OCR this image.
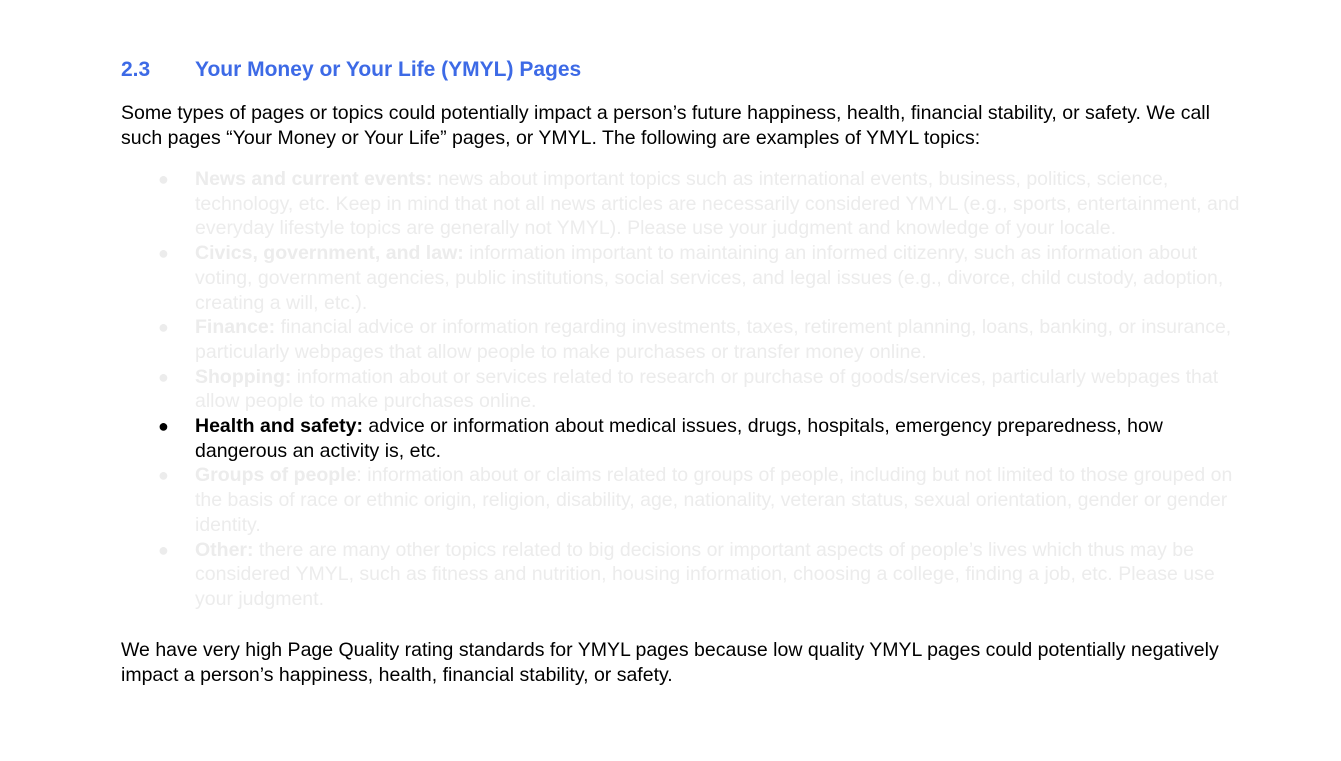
2.3	Your Money or Your Life (YMYL) Pages

Some types of pages or topics could potentially impact a person’s future happiness, health, financial stability, or safety. We call such pages “Your Money or Your Life” pages, or YMYL. The following are examples of YMYL topics:

● News and current events: news about important topics such as international events, business, politics, science, technology, etc. Keep in mind that not all news articles are necessarily considered YMYL (e.g., sports, entertainment, and everyday lifestyle topics are generally not YMYL). Please use your judgment and knowledge of your locale.
● Civics, government, and law: information important to maintaining an informed citizenry, such as information about voting, government agencies, public institutions, social services, and legal issues (e.g., divorce, child custody, adoption, creating a will, etc.).
● Finance: financial advice or information regarding investments, taxes, retirement planning, loans, banking, or insurance, particularly webpages that allow people to make purchases or transfer money online.
● Shopping: information about or services related to research or purchase of goods/services, particularly webpages that allow people to make purchases online.
● Health and safety: advice or information about medical issues, drugs, hospitals, emergency preparedness, how dangerous an activity is, etc.
● Groups of people: information about or claims related to groups of people, including but not limited to those grouped on the basis of race or ethnic origin, religion, disability, age, nationality, veteran status, sexual orientation, gender or gender identity.
● Other: there are many other topics related to big decisions or important aspects of people’s lives which thus may be considered YMYL, such as fitness and nutrition, housing information, choosing a college, finding a job, etc. Please use your judgment.

We have very high Page Quality rating standards for YMYL pages because low quality YMYL pages could potentially negatively impact a person’s happiness, health, financial stability, or safety.
